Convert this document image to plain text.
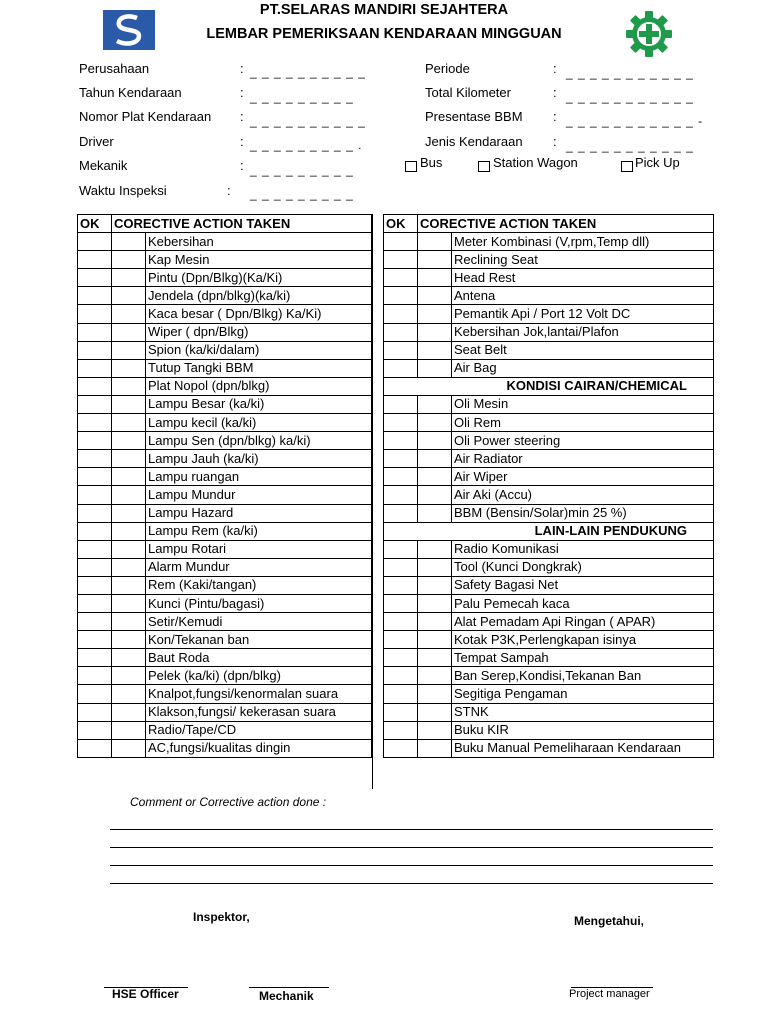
PT.SELARAS MANDIRI SEJAHTERA
LEMBAR PEMERIKSAAN KENDARAAN MINGGUAN
Perusahaan	: _ _ _ _ _ _ _ _ _ _
Tahun Kendaraan	: _ _ _ _ _ _ _ _ _
Nomor Plat Kendaraan : _ _ _ _ _ _ _ _ _ _
Driver	: _ _ _ _ _ _ _ _ _ .
Mekanik	: _ _ _ _ _ _ _ _ _
Waktu Inspeksi	: _ _ _ _ _ _ _ _ _
Periode	: _ _ _ _ _ _ _ _ _ _ _
Total Kilometer	: _ _ _ _ _ _ _ _ _ _ _
Presentase BBM : _ _ _ _ _ _ _ _ _ _ _ -
Jenis Kendaraan : _ _ _ _ _ _ _ _ _ _ _
Bus	Station Wagon	Pick Up
OK	CORECTIVE ACTION TAKEN	
		Kebersihan
		Kap Mesin
		Pintu (Dpn/Blkg)(Ka/Ki)
		Jendela (dpn/blkg)(ka/ki)
		Kaca besar ( Dpn/Blkg) Ka/Ki)
		Wiper ( dpn/Blkg)
		Spion (ka/ki/dalam)
		Tutup Tangki BBM
		Plat Nopol (dpn/blkg)
		Lampu Besar (ka/ki)
		Lampu kecil (ka/ki)
		Lampu Sen (dpn/blkg) ka/ki)
		Lampu Jauh (ka/ki)
		Lampu ruangan
		Lampu Mundur
		Lampu Hazard
		Lampu Rem (ka/ki)
		Lampu Rotari
		Alarm Mundur
		Rem (Kaki/tangan)
		Kunci (Pintu/bagasi)
		Setir/Kemudi
		Kon/Tekanan ban
		Baut Roda
		Pelek (ka/ki) (dpn/blkg)
		Knalpot,fungsi/kenormalan suara
		Klakson,fungsi/ kekerasan suara
		Radio/Tape/CD
		AC,fungsi/kualitas dingin
OK	CORECTIVE ACTION TAKEN	
		Meter Kombinasi (V,rpm,Temp dll)
		Reclining Seat
		Head Rest
		Antena
		Pemantik Api / Port 12 Volt DC
		Kebersihan Jok,lantai/Plafon
		Seat Belt
		Air Bag
KONDISI CAIRAN/CHEMICAL		
		Oli Mesin
		Oli Rem
		Oli Power steering
		Air Radiator
		Air Wiper
		Air Aki (Accu)
		BBM (Bensin/Solar)min 25 %)
LAIN-LAIN PENDUKUNG		
		Radio Komunikasi
		Tool (Kunci Dongkrak)
		Safety Bagasi Net
		Palu Pemecah kaca
		Alat Pemadam Api Ringan ( APAR)
		Kotak P3K,Perlengkapan isinya
		Tempat Sampah
		Ban Serep,Kondisi,Tekanan Ban
		Segitiga Pengaman
		STNK
		Buku KIR
		Buku Manual Pemeliharaan Kendaraan
Comment or Corrective action done :
Inspektor,	Mengetahui,
HSE Officer	Mechanik	Project manager
